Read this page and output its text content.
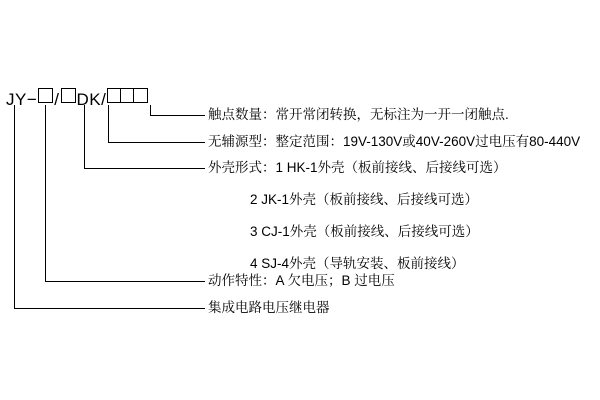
JY− / DK/
触点数量：常开常闭转换，无标注为一开一闭触点.
无辅源型：整定范围：19V-130V或40V-260V过电压有80-440V
外壳形式：1 HK-1外壳（板前接线、后接线可选）
2 JK-1外壳（板前接线、后接线可选）
3 CJ-1外壳（板前接线、后接线可选）
4 SJ-4外壳（导轨安装、板前接线）
动作特性：A 欠电压；B 过电压
集成电路电压继电器
